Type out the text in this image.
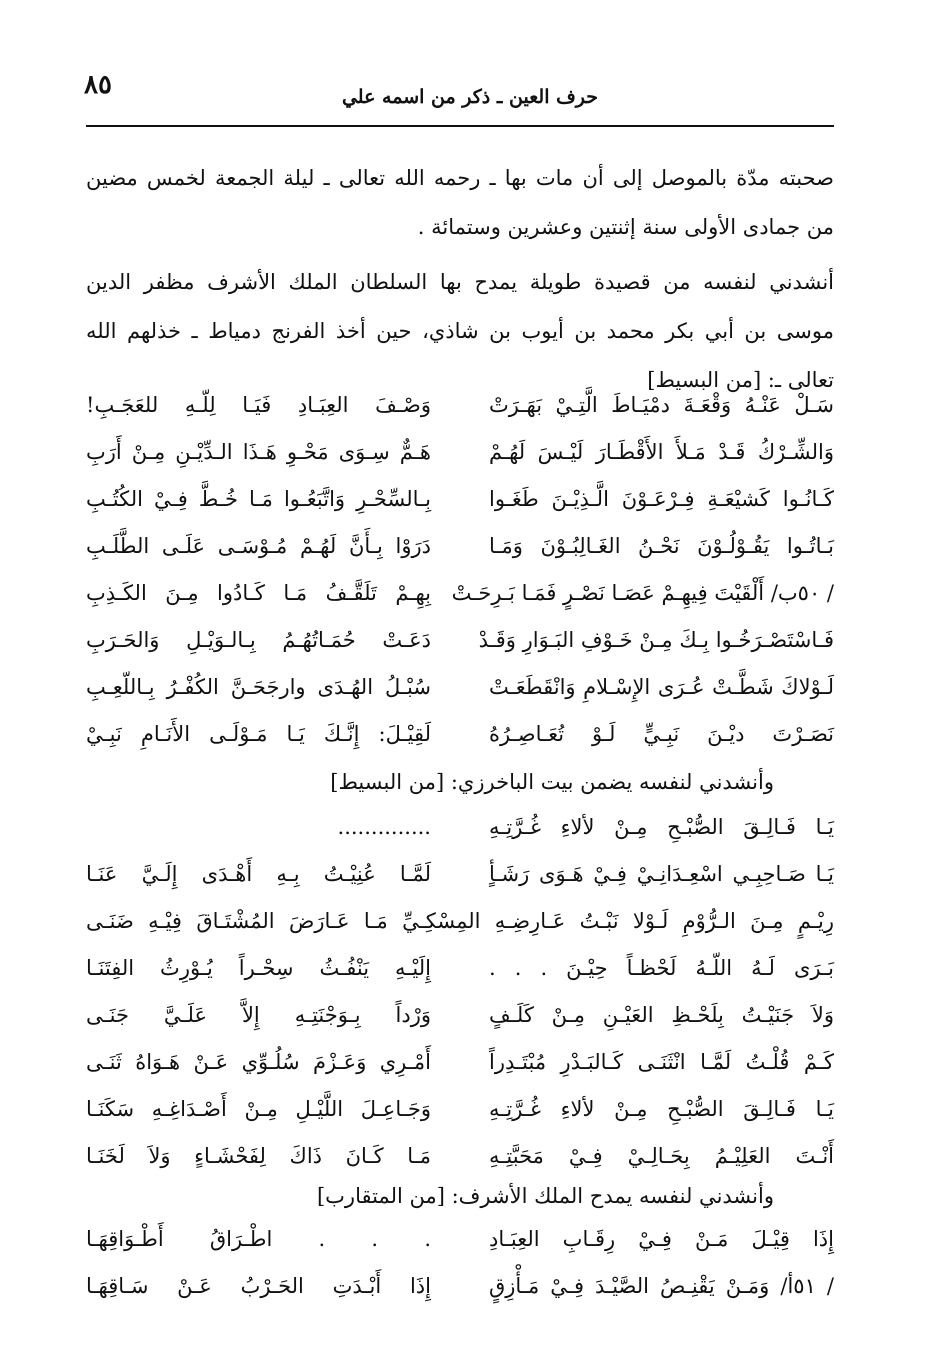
٨٥	حرف العين ـ ذكر من اسمه علي
صحبته مدّة بالموصل إلى أن مات بها ـ رحمه الله تعالى ـ ليلة الجمعة لخمس مضين
من جمادى الأولى سنة إثنتين وعشرين وستمائة .
أنشدني لنفسه من قصيدة طويلة يمدح بها السلطان الملك الأشرف مظفر الدين
موسى بن أبي بكر محمد بن أيوب بن شاذي، حين أخذ الفرنج دمياط ـ خذلهم الله
تعالى ـ: [من البسيط]
سَـلْ عَنْـهُ وَقْعَـةَ دمْيَـاطَ الَّتِـيْ بَهَـرَتْ
وَصْـفَ العِبَـادِ فَيَـا لِلّـهِ للعَجَـبِ!
وَالشِّـرْكُ قَـدْ مَـلأَ الأَقْطَـارَ لَيْـسَ لَهُـمْ
هَـمٌّ سِـوَى مَحْـوِ هَـذَا الـدِّيْـنِ مِـنْ أَرَبِ
كَـانُـوا كَشيْعَـةِ فِـرْعَـوْنَ الَّـذِيْـنَ طَغَـوا
بِـالسِّحْـرِ وَاتَّبَعُـوا مَـا خُـطَّ فِـيْ الكُتُـبِ
بَـاتُـوا يَقُـوْلُـوْنَ نَحْـنُ الغَـالِبُـوْنَ وَمَـا
دَرَوْا بِـأَنَّ لَهُـمْ مُـوْسَـى عَلَـى الطَّلَـبِ
/ ٥٠ب/ أَلْقَيْتَ فِيهِـمْ عَصَـا نَصْـرٍ فَمَـا بَـرِحَـتْ
بِهِـمْ تَلَقَّـفُ مَـا كَـادُوا مِـنَ الكَـذِبِ
فَـاسْتَصْـرَخُـوا بِـكَ مِـنْ خَـوْفِ البَـوَارِ وَقَـدْ
دَعَـتْ حُمَـاتُهُـمُ بِـالـوَيْـلِ وَالحَـرَبِ
لَـوْلاكَ شَطَّـتْ عُـرَى الإِسْـلامِ وَانْقَطَعَـتْ
سُبْـلُ الهُـدَى وارجَحَـنَّ الكُفْـرُ بِـاللّعِـبِ
نَصَـرْتَ ديْـنَ نَبِـيٍّ لَـوْ تُعَـاصِـرُهُ
لَقِيْـلَ: إِنَّـكَ يَـا مَـوْلَـى الأَنَـامِ نَبِـيْ
وأنشدني لنفسه يضمن بيت الباخرزي: [من البسيط]
يَـا فَـالِـقَ الصُّبْـحِ مِـنْ لألاءِ غُـرَّتِـهِ
..............
يَـا صَـاحِبِـي اسْعِـدَانِـيْ فِـيْ هَـوَى رَشَـأٍ
لَمَّـا عُنِيْـتُ بِـهِ أَهْـدَى إِلَـيَّ عَنَـا
رِيْـمٍ مِـنَ الـرُّوْمِ لَـوْلا نَبْـتُ عَـارِضِـهِ المِسْكِـيِّ مَـا عَـارَضَ المُشْتَـاقَ فِيْـهِ ضَنَـى
بَـرَى لَـهُ اللّـهُ لَحْظـاً حِيْـنَ . . .
إِلَيْـهِ يَنْفُـثُ سِحْـراً يُـوْرِثُ الفِتَنَـا
وَلاَ جَنَيْـتُ بِلَحْـظِ العَيْـنِ مِـنْ كَلَـفٍ
وَرْداً بِـوَجْنَتِـهِ إِلاَّ عَلَـيَّ جَنَـى
كَـمْ قُلْـتُ لَمَّـا انْثَنَـى كَـالبَـدْرِ مُبْتَـدِراً
أَمْـرِي وَعَـزْمَ سُلُـوِّي عَـنْ هَـوَاهُ ثَنَـى
يَـا فَـالِـقَ الصُّبْـحِ مِـنْ لألاءِ غُـرَّتِـهِ
وَجَـاعِـلَ اللَّيْـلِ مِـنْ أَصْـدَاغِـهِ سَكَنَـا
أَنْـتَ العَلِيْـمُ بِحَـالِـيْ فِـيْ مَحَبَّتِـهِ
مَـا كَـانَ ذَاكَ لِفَحْشَـاءٍ وَلاَ لَخَنَـا
وأنشدني لنفسه يمدح الملك الأشرف: [من المتقارب]
إِذَا قِيْـلَ مَـنْ فِـيْ رِقَـابِ العِبَـادِ
. . . اطْـرَاقُ أَطْـوَاقِهَـا
/ ٥١أ/ وَمَـنْ يَقْنِـصُ الصَّيْـدَ فِـيْ مَـأْزِقٍ
إِذَا أَبْـدَتِ الحَـرْبُ عَـنْ سَـاقِهَـا
